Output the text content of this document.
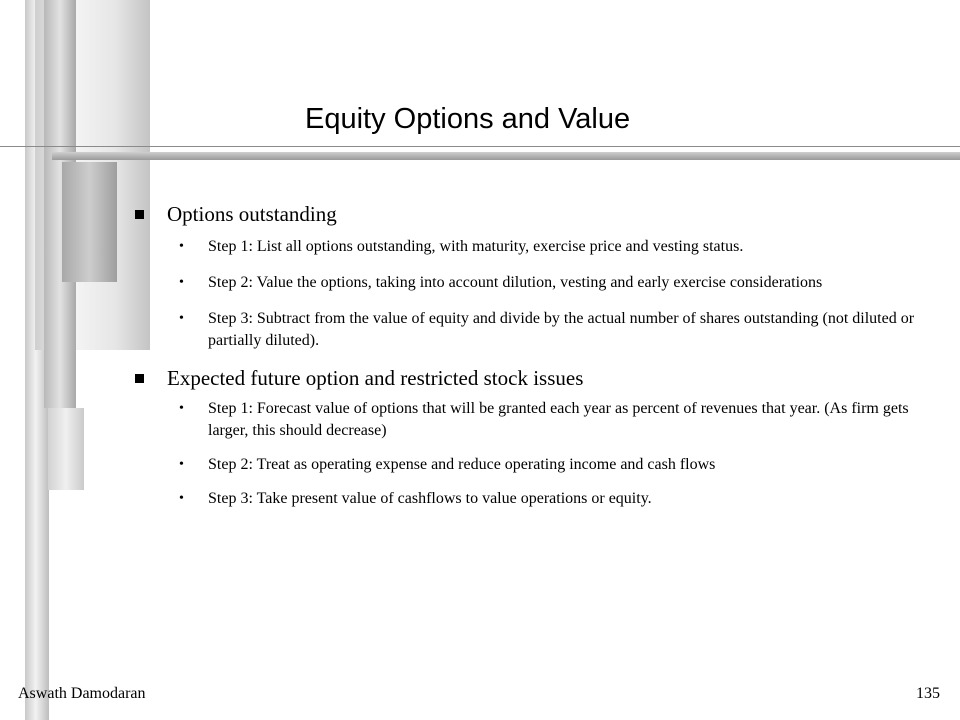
Equity Options and Value
Options outstanding
• Step 1: List all options outstanding, with maturity, exercise price and vesting status.
• Step 2: Value the options, taking into account dilution, vesting and early exercise considerations
• Step 3: Subtract from the value of equity and divide by the actual number of shares outstanding (not diluted or partially diluted).
Expected future option and restricted stock issues
• Step 1: Forecast value of options that will be granted each year as percent of revenues that year. (As firm gets larger, this should decrease)
• Step 2: Treat as operating expense and reduce operating income and cash flows
• Step 3: Take present value of cashflows to value operations or equity.
Aswath Damodaran	135
